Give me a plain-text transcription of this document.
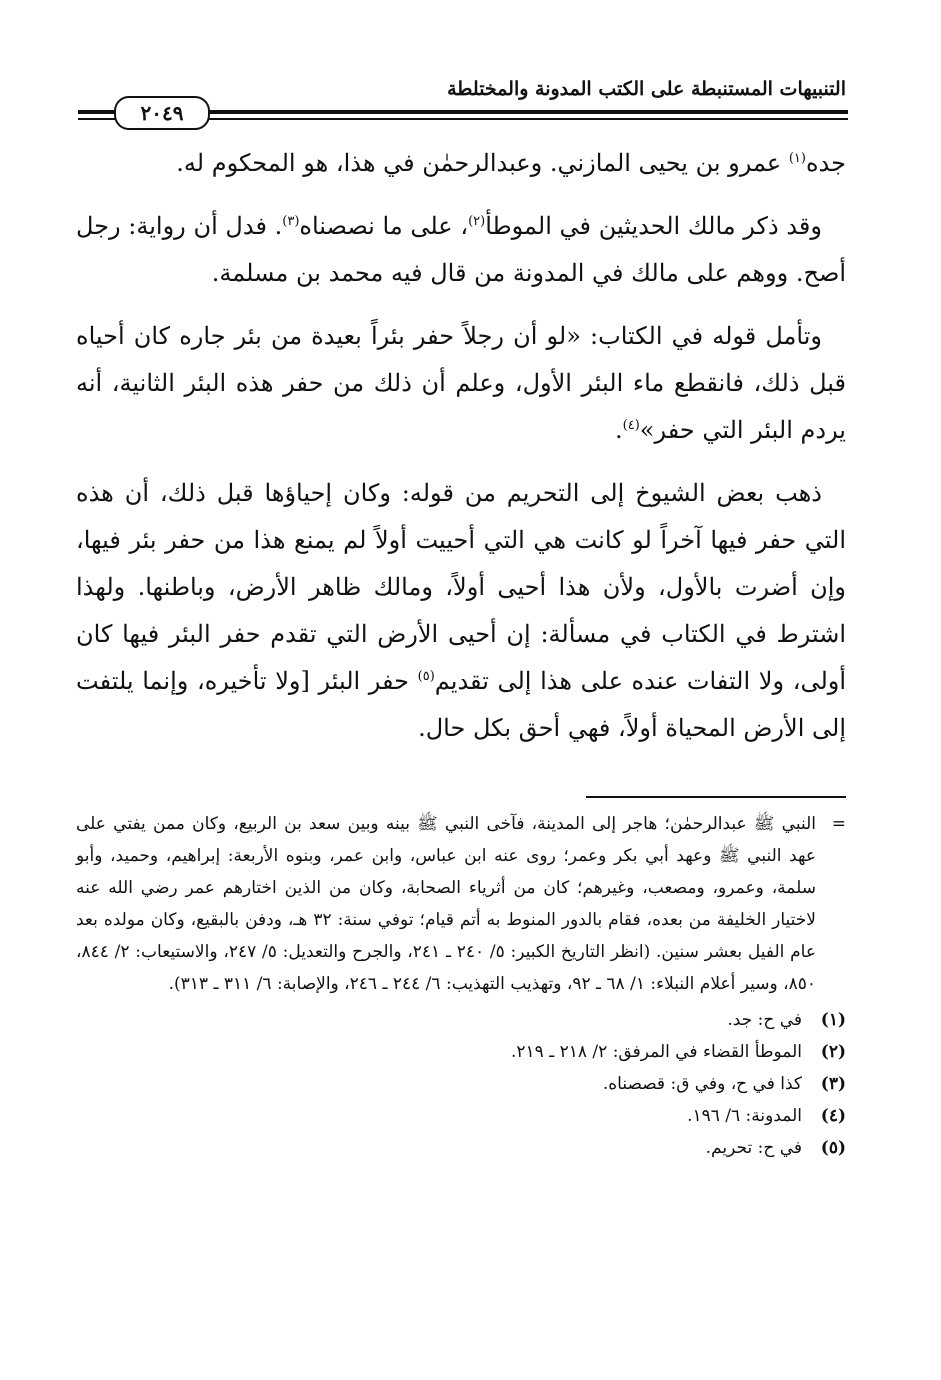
التنبيهات المستنبطة على الكتب المدونة والمختلطة
٢٠٤٩

جده$^{(١)}$ عمرو بن يحيى المازني. وعبدالرحمٰن في هذا، هو المحكوم له.

وقد ذكر مالك الحديثين في الموطأ$^{(٢)}$، على ما نصصناه$^{(٣)}$. فدل أن رواية: رجل أصح. ووهم على مالك في المدونة من قال فيه محمد بن مسلمة.

وتأمل قوله في الكتاب: «لو أن رجلاً حفر بئراً بعيدة من بئر جاره كان أحياه قبل ذلك، فانقطع ماء البئر الأول، وعلم أن ذلك من حفر هذه البئر الثانية، أنه يردم البئر التي حفر»$^{(٤)}$.

ذهب بعض الشيوخ إلى التحريم من قوله: وكان إحياؤها قبل ذلك، أن هذه التي حفر فيها آخراً لو كانت هي التي أحييت أولاً لم يمنع هذا من حفر بئر فيها، وإن أضرت بالأول، ولأن هذا أحيى أولاً، ومالك ظاهر الأرض، وباطنها. ولهذا اشترط في الكتاب في مسألة: إن أحيى الأرض التي تقدم حفر البئر فيها كان أولى، ولا التفات عنده على هذا إلى تقديم$^{(٥)}$ حفر البئر [ولا تأخيره، وإنما يلتفت إلى الأرض المحياة أولاً، فهي أحق بكل حال.

=
النبي ﷺ عبدالرحمٰن؛ هاجر إلى المدينة، فآخى النبي ﷺ بينه وبين سعد بن الربيع، وكان ممن يفتي على عهد النبي ﷺ وعهد أبي بكر وعمر؛ روى عنه ابن عباس، وابن عمر، وبنوه الأربعة: إبراهيم، وحميد، وأبو سلمة، وعمرو، ومصعب، وغيرهم؛ كان من أثرياء الصحابة، وكان من الذين اختارهم عمر رضي الله عنه لاختيار الخليفة من بعده، فقام بالدور المنوط به أتم قيام؛ توفي سنة: ٣٢ هـ، ودفن بالبقيع، وكان مولده بعد عام الفيل بعشر سنين. (انظر التاريخ الكبير: ٥/ ٢٤٠ ـ ٢٤١، والجرح والتعديل: ٥/ ٢٤٧، والاستيعاب: ٢/ ٨٤٤، ٨٥٠، وسير أعلام النبلاء: ١/ ٦٨ ـ ٩٢، وتهذيب التهذيب: ٦/ ٢٤٤ ـ ٢٤٦، والإصابة: ٦/ ٣١١ ـ ٣١٣).

(١)
في ح: جد.
(٢)
الموطأ القضاء في المرفق: ٢/ ٢١٨ ـ ٢١٩.
(٣)
كذا في ح، وفي ق: قصصناه.
(٤)
المدونة: ٦/ ١٩٦.
(٥)
في ح: تحريم.
